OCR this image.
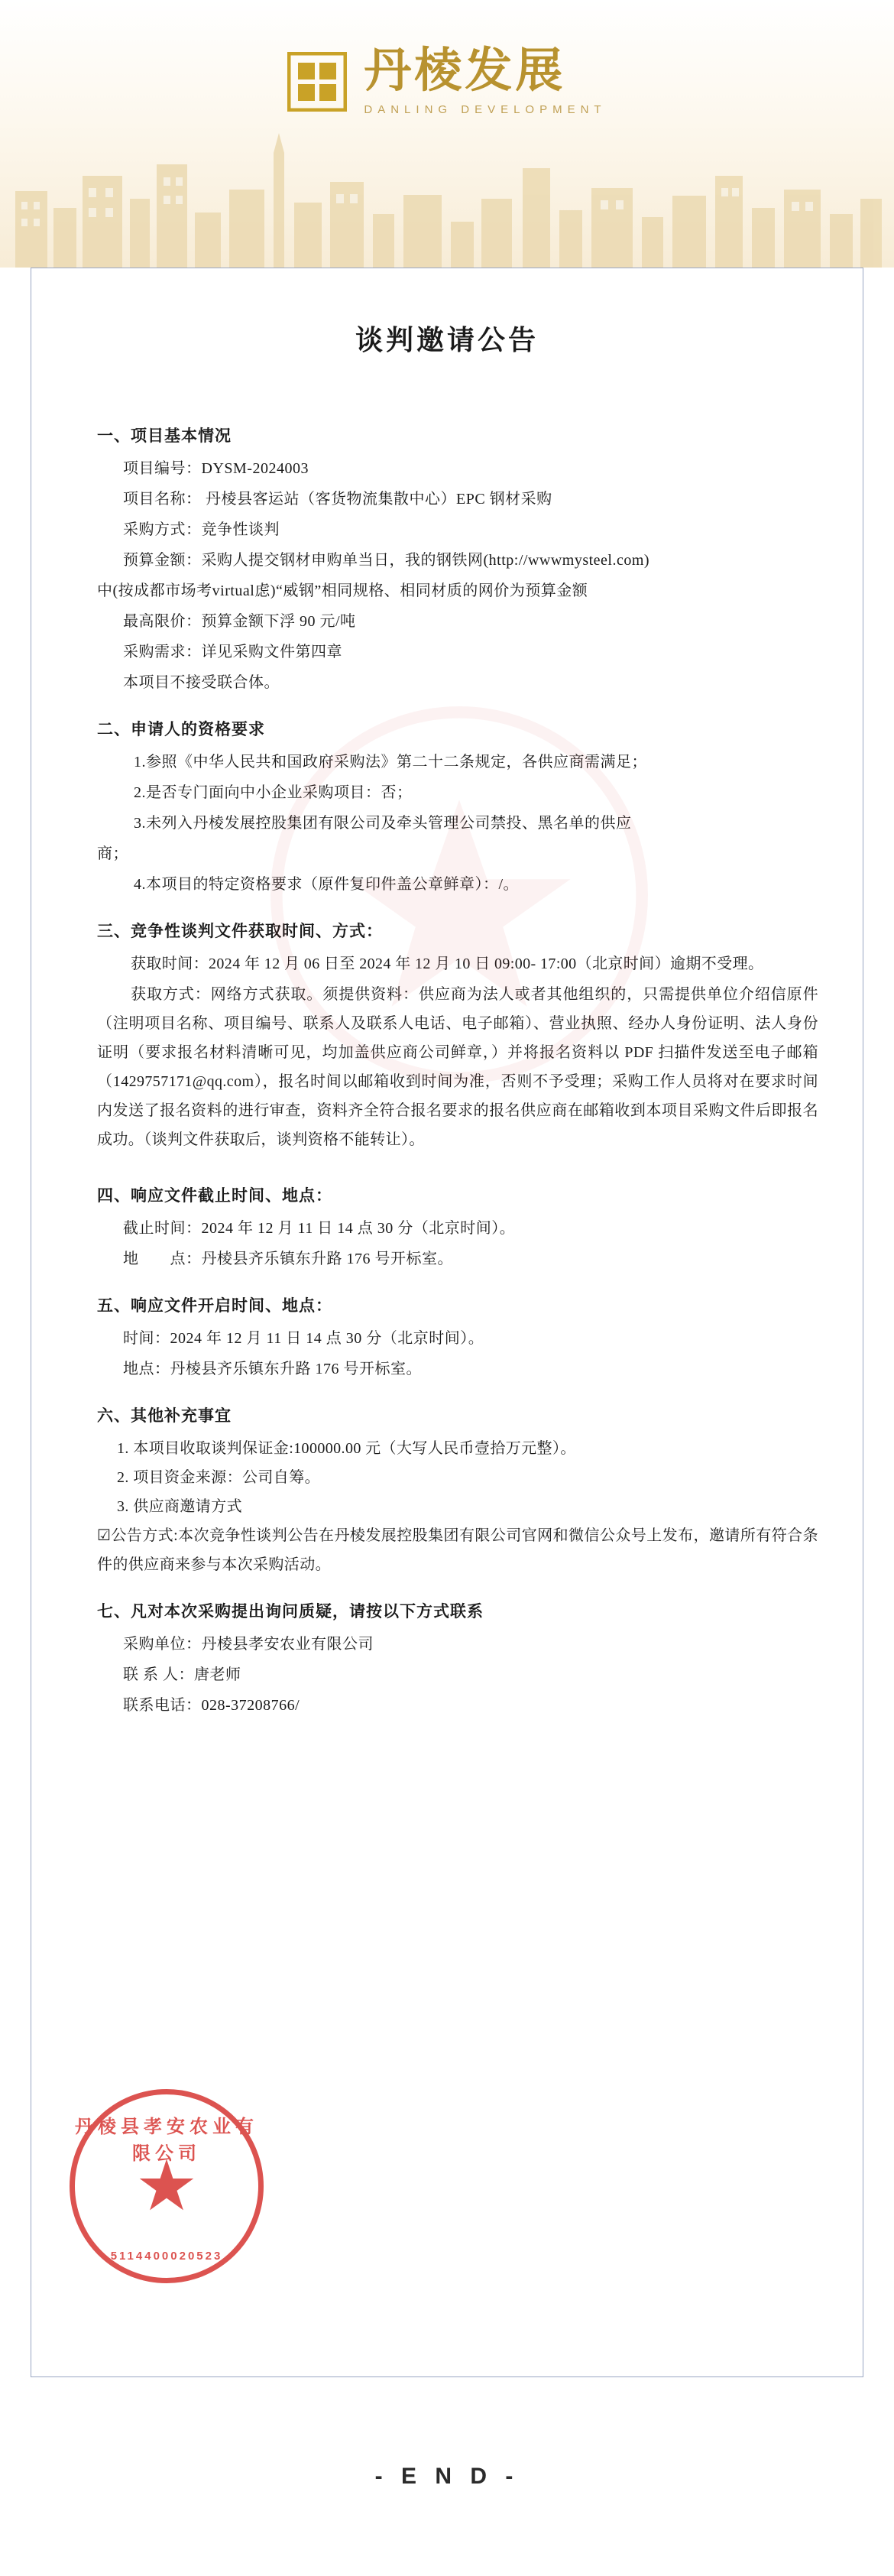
丹棱发展
DANLING DEVELOPMENT
谈判邀请公告
一、项目基本情况
项目编号：DYSM-2024003
项目名称： 丹棱县客运站（客货物流集散中心）EPC 钢材采购
采购方式：竞争性谈判
预算金额：采购人提交钢材申购单当日，我的钢铁网(http://wwwmysteel.com)
中(按成都市场考virtual虑)“威钢”相同规格、相同材质的网价为预算金额
最高限价：预算金额下浮 90 元/吨
采购需求：详见采购文件第四章
本项目不接受联合体。
二、申请人的资格要求
1.参照《中华人民共和国政府采购法》第二十二条规定，各供应商需满足；
2.是否专门面向中小企业采购项目：否；
3.未列入丹棱发展控股集团有限公司及牵头管理公司禁投、黑名单的供应
商；
4.本项目的特定资格要求（原件复印件盖公章鲜章）：/。
三、竞争性谈判文件获取时间、方式：
获取时间：2024 年 12 月 06 日至 2024 年 12 月 10 日 09:00- 17:00（北京时间）逾期不受理。
获取方式：网络方式获取。须提供资料：供应商为法人或者其他组织的，只需提供单位介绍信原件（注明项目名称、项目编号、联系人及联系人电话、电子邮箱）、营业执照、经办人身份证明、法人身份证明（要求报名材料清晰可见，均加盖供应商公司鲜章，）并将报名资料以 PDF 扫描件发送至电子邮箱（1429757171@qq.com），报名时间以邮箱收到时间为准，否则不予受理；采购工作人员将对在要求时间内发送了报名资料的进行审查，资料齐全符合报名要求的报名供应商在邮箱收到本项目采购文件后即报名成功。（谈判文件获取后，谈判资格不能转让）。
四、响应文件截止时间、地点：
截止时间：2024 年 12 月 11 日 14 点 30 分（北京时间）。
地　　点：丹棱县齐乐镇东升路 176 号开标室。
五、响应文件开启时间、地点：
时间：2024 年 12 月 11 日 14 点 30 分（北京时间）。
地点：丹棱县齐乐镇东升路 176 号开标室。
六、其他补充事宜
1. 本项目收取谈判保证金:100000.00 元（大写人民币壹拾万元整）。
2. 项目资金来源：公司自筹。
3. 供应商邀请方式
☑公告方式:本次竞争性谈判公告在丹棱发展控股集团有限公司官网和微信公众号上发布，邀请所有符合条件的供应商来参与本次采购活动。
七、凡对本次采购提出询问质疑，请按以下方式联系
采购单位：丹棱县孝安农业有限公司
联 系 人：唐老师
联系电话：028-37208766/
丹棱县孝安农业有限公司
5114400020523
- E N D -
